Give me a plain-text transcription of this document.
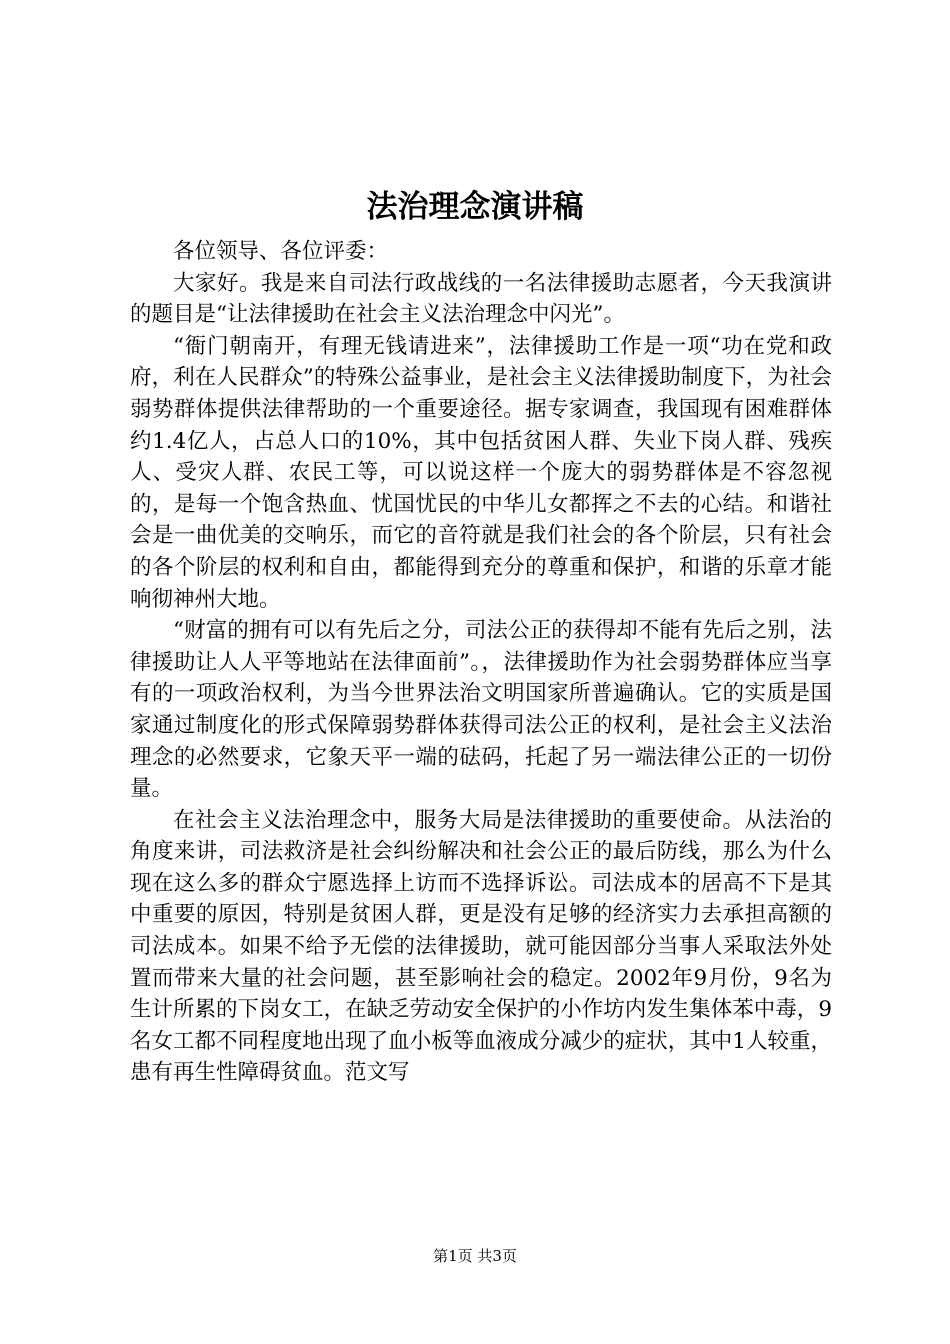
法治理念演讲稿

各位领导、各位评委：

大家好。我是来自司法行政战线的一名法律援助志愿者，今天我演讲的题目是“让法律援助在社会主义法治理念中闪光”。

“衙门朝南开，有理无钱请进来”，法律援助工作是一项“功在党和政府，利在人民群众”的特殊公益事业，是社会主义法律援助制度下，为社会弱势群体提供法律帮助的一个重要途径。据专家调查，我国现有困难群体约1.4亿人，占总人口的10%，其中包括贫困人群、失业下岗人群、残疾人、受灾人群、农民工等，可以说这样一个庞大的弱势群体是不容忽视的，是每一个饱含热血、忧国忧民的中华儿女都挥之不去的心结。和谐社会是一曲优美的交响乐，而它的音符就是我们社会的各个阶层，只有社会的各个阶层的权利和自由，都能得到充分的尊重和保护，和谐的乐章才能响彻神州大地。

“财富的拥有可以有先后之分，司法公正的获得却不能有先后之别，法律援助让人人平等地站在法律面前”。，法律援助作为社会弱势群体应当享有的一项政治权利，为当今世界法治文明国家所普遍确认。它的实质是国家通过制度化的形式保障弱势群体获得司法公正的权利，是社会主义法治理念的必然要求，它象天平一端的砝码，托起了另一端法律公正的一切份量。

在社会主义法治理念中，服务大局是法律援助的重要使命。从法治的角度来讲，司法救济是社会纠纷解决和社会公正的最后防线，那么为什么现在这么多的群众宁愿选择上访而不选择诉讼。司法成本的居高不下是其中重要的原因，特别是贫困人群，更是没有足够的经济实力去承担高额的司法成本。如果不给予无偿的法律援助，就可能因部分当事人采取法外处置而带来大量的社会问题，甚至影响社会的稳定。2002年9月份，9名为生计所累的下岗女工，在缺乏劳动安全保护的小作坊内发生集体苯中毒，9名女工都不同程度地出现了血小板等血液成分减少的症状，其中1人较重，患有再生性障碍贫血。范文写

第1页 共3页
